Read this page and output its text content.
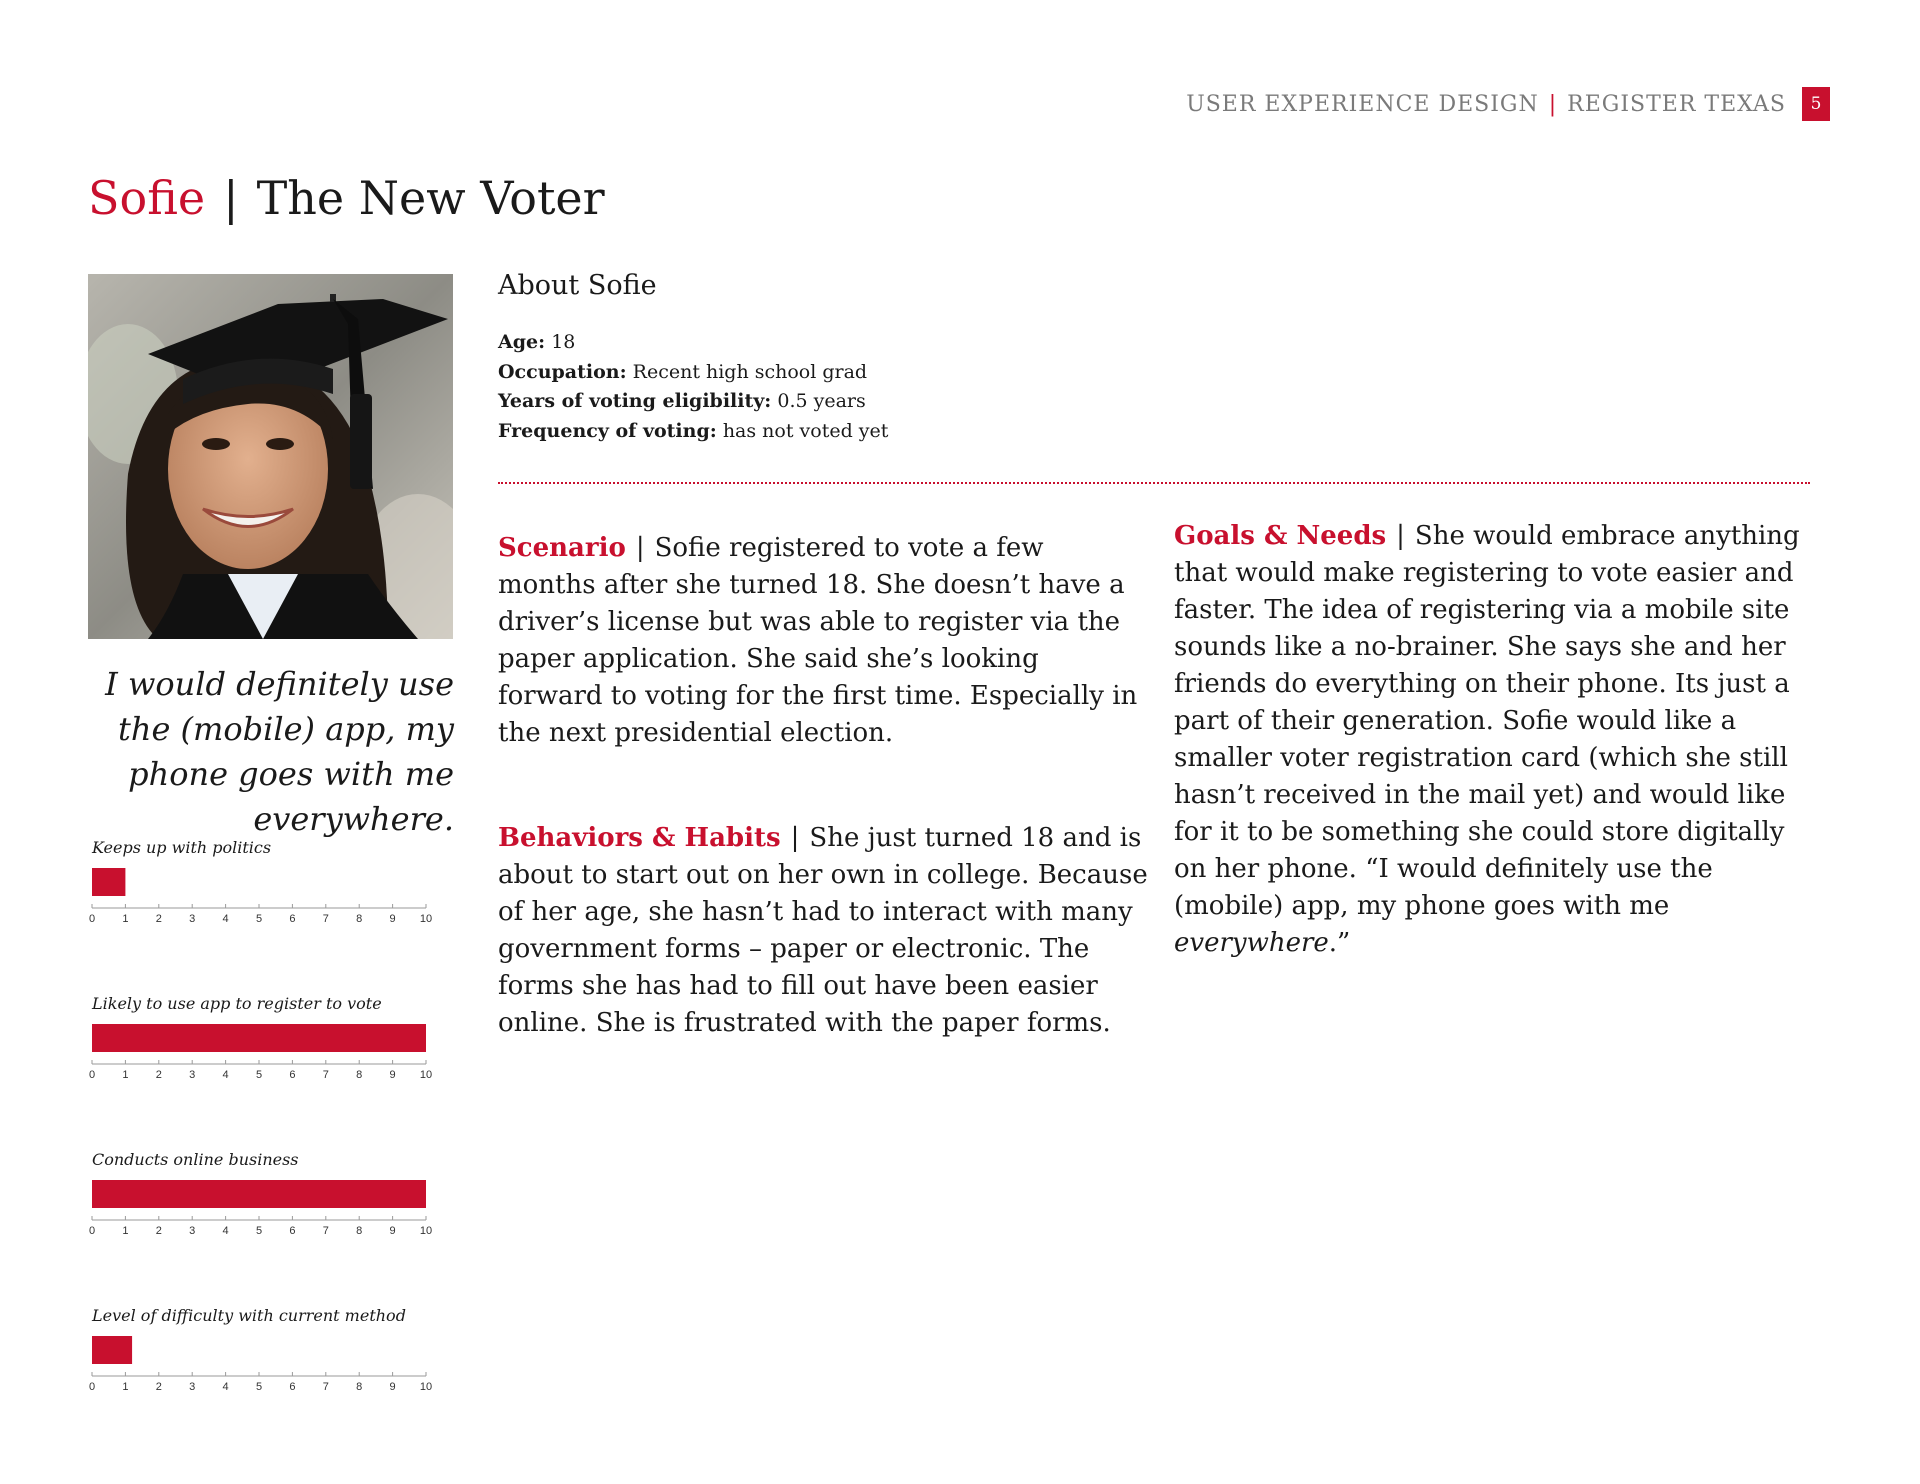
USER EXPERIENCE DESIGN | REGISTER TEXAS	5
Sofie | The New Voter
I would definitely use the (mobile) app, my phone goes with me everywhere.
Keeps up with politics
0 1 2 3 4 5 6 7 8 9 10
Likely to use app to register to vote
0 1 2 3 4 5 6 7 8 9 10
Conducts online business
0 1 2 3 4 5 6 7 8 9 10
Level of difficulty with current method
0 1 2 3 4 5 6 7 8 9 10
About Sofie
Age: 18
Occupation: Recent high school grad
Years of voting eligibility: 0.5 years
Frequency of voting: has not voted yet
Scenario | Sofie registered to vote a few months after she turned 18. She doesn’t have a driver’s license but was able to register via the paper application. She said she’s looking forward to voting for the first time. Especially in the next presidential election.
Behaviors & Habits | She just turned 18 and is about to start out on her own in college. Because of her age, she hasn’t had to interact with many government forms – paper or electronic. The forms she has had to fill out have been easier online. She is frustrated with the paper forms.
Goals & Needs | She would embrace anything that would make registering to vote easier and faster. The idea of registering via a mobile site sounds like a no-brainer. She says she and her friends do everything on their phone. Its just a part of their generation. Sofie would like a smaller voter registration card (which she still hasn’t received in the mail yet) and would like for it to be something she could store digitally on her phone. “I would definitely use the (mobile) app, my phone goes with me everywhere.”
